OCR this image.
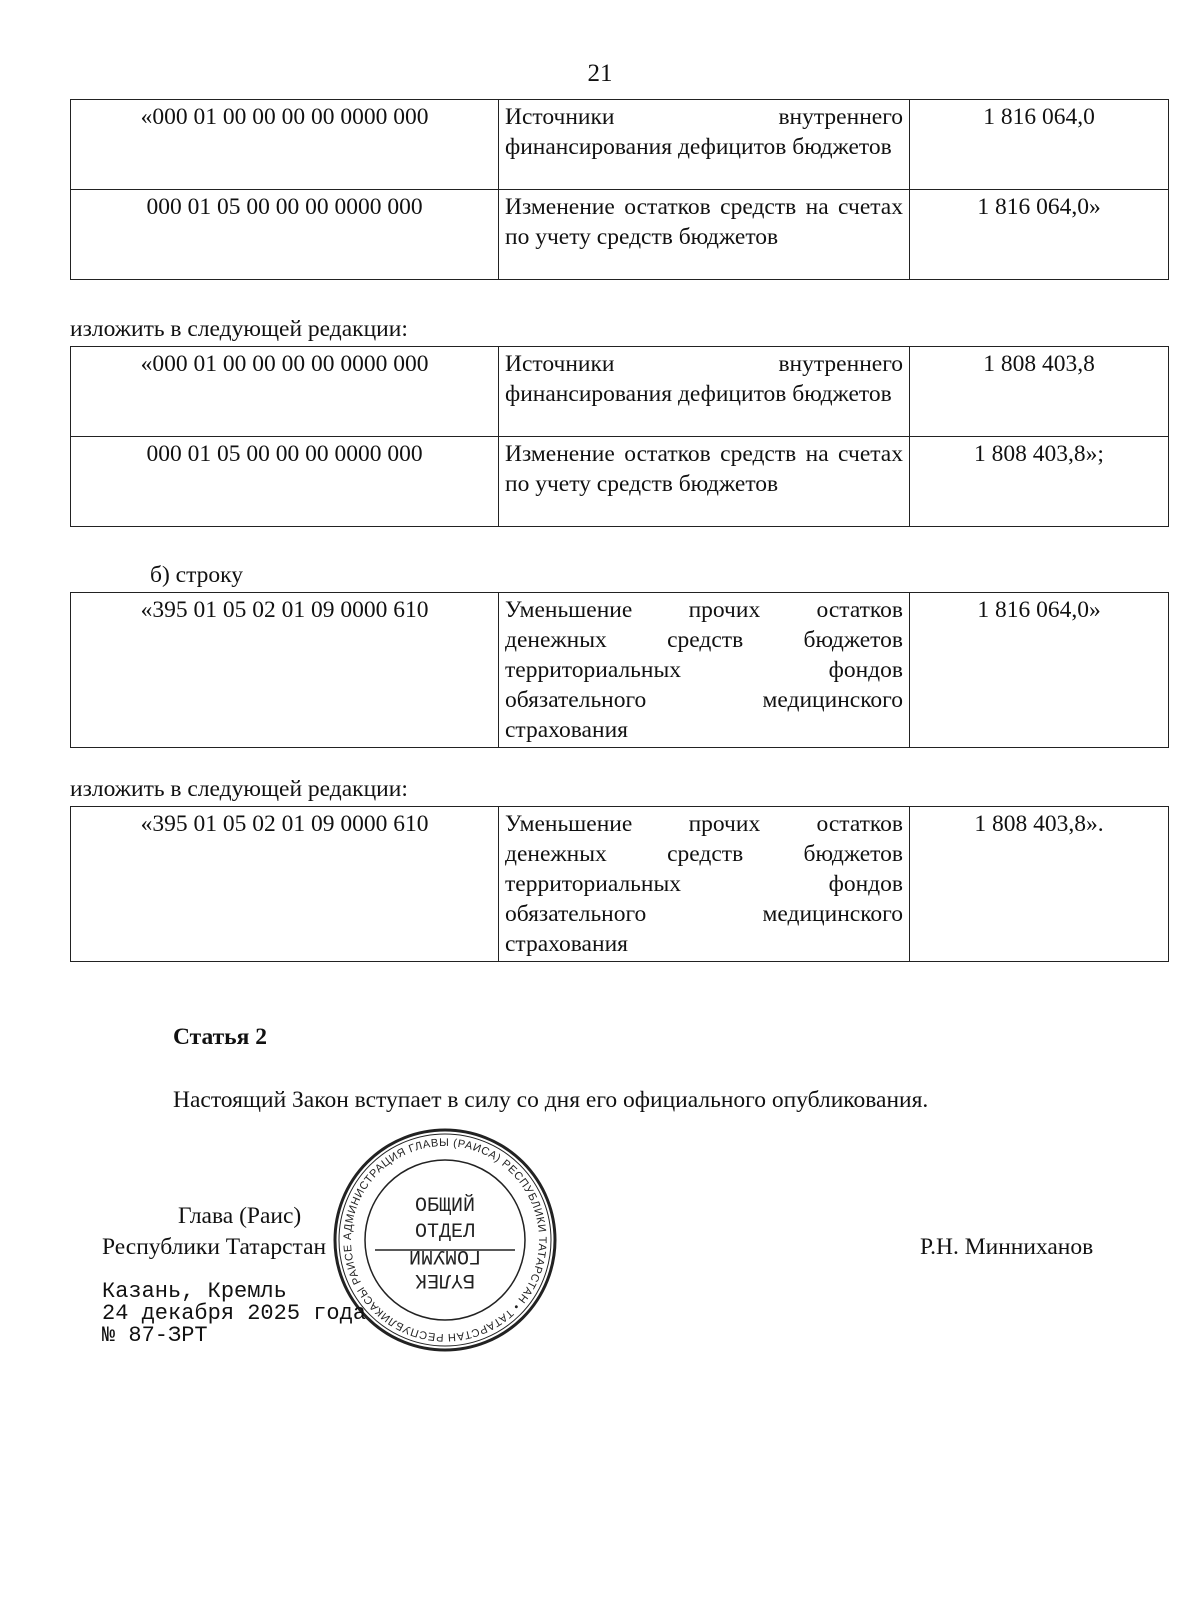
21
«000 01 00 00 00 00 0000 000	Источники внутреннего финансирования дефицитов бюджетов	1 816 064,0
000 01 05 00 00 00 0000 000	Изменение остатков средств на счетах по учету средств бюджетов	1 816 064,0»
изложить в следующей редакции:
«000 01 00 00 00 00 0000 000	Источники внутреннего финансирования дефицитов бюджетов	1 808 403,8
000 01 05 00 00 00 0000 000	Изменение остатков средств на счетах по учету средств бюджетов	1 808 403,8»;
б) строку
«395 01 05 02 01 09 0000 610	Уменьшение прочих остатков денежных средств бюджетов территориальных фондов обязательного медицинского страхования	1 816 064,0»
изложить в следующей редакции:
«395 01 05 02 01 09 0000 610	Уменьшение прочих остатков денежных средств бюджетов территориальных фондов обязательного медицинского страхования	1 808 403,8».
Статья 2
Настоящий Закон вступает в силу со дня его официального опубликования.
Глава (Раис)
Республики Татарстан	Р.Н. Минниханов
АДМИНИСТРАЦИЯ ГЛАВЫ (РАИСА) РЕСПУБЛИКИ ТАТАРСТАН • ТАТАРСТАН РЕСПУБЛИКАСЫ РАИСЕ
ОБЩИЙ
ОТДЕЛ
БҮЛЕК
ГОМУМИ
Казань, Кремль
24 декабря 2025 года
№ 87-ЗРТ
